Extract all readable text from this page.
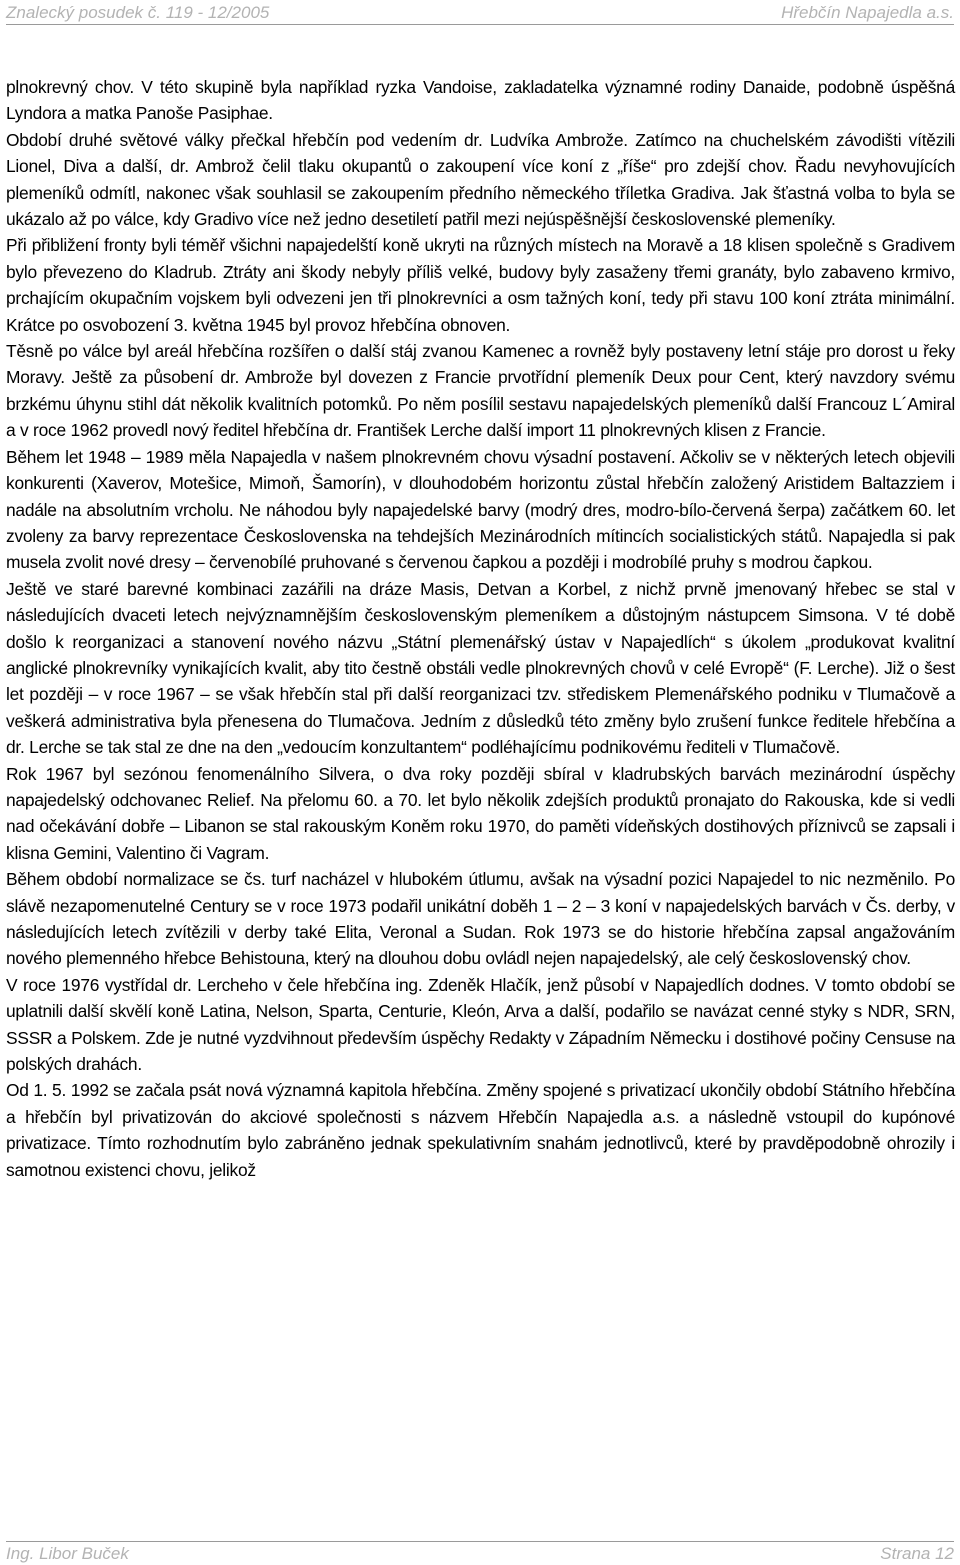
Znalecký posudek č. 119 - 12/2005	Hřebčín Napajedla a.s.

plnokrevný chov. V této skupině byla například ryzka Vandoise, zakladatelka významné rodiny Danaide, podobně úspěšná Lyndora a matka Panoše Pasiphae.

Období druhé světové války přečkal hřebčín pod vedením dr. Ludvíka Ambrože. Zatímco na chuchelském závodišti vítězili Lionel, Diva a další, dr. Ambrož čelil tlaku okupantů o zakoupení více koní z „říše“ pro zdejší chov. Řadu nevyhovujících plemeníků odmítl, nakonec však souhlasil se zakoupením předního německého tříletka Gradiva. Jak šťastná volba to byla se ukázalo až po válce, kdy Gradivo více než jedno desetiletí patřil mezi nejúspěšnější československé plemeníky.

Při přibližení fronty byli téměř všichni napajedelští koně ukryti na různých místech na Moravě a 18 klisen společně s Gradivem bylo převezeno do Kladrub. Ztráty ani škody nebyly příliš velké, budovy byly zasaženy třemi granáty, bylo zabaveno krmivo, prchajícím okupačním vojskem byli odvezeni jen tři plnokrevníci a osm tažných koní, tedy při stavu 100 koní ztráta minimální. Krátce po osvobození 3. května 1945 byl provoz hřebčína obnoven.

Těsně po válce byl areál hřebčína rozšířen o další stáj zvanou Kamenec a rovněž byly postaveny letní stáje pro dorost u řeky Moravy. Ještě za působení dr. Ambrože byl dovezen z Francie prvotřídní plemeník Deux pour Cent, který navzdory svému brzkému úhynu stihl dát několik kvalitních potomků. Po něm posílil sestavu napajedelských plemeníků další Francouz L´Amiral a v roce 1962 provedl nový ředitel hřebčína dr. František Lerche další import 11 plnokrevných klisen z Francie.

Během let 1948 – 1989 měla Napajedla v našem plnokrevném chovu výsadní postavení. Ačkoliv se v některých letech objevili konkurenti (Xaverov, Motešice, Mimoň, Šamorín), v dlouhodobém horizontu zůstal hřebčín založený Aristidem Baltazziem i nadále na absolutním vrcholu. Ne náhodou byly napajedelské barvy (modrý dres, modro-bílo-červená šerpa) začátkem 60. let zvoleny za barvy reprezentace Československa na tehdejších Mezinárodních mítincích socialistických států. Napajedla si pak musela zvolit nové dresy – červenobílé pruhované s červenou čapkou a později i modrobílé pruhy s modrou čapkou.

Ještě ve staré barevné kombinaci zazářili na dráze Masis, Detvan a Korbel, z nichž prvně jmenovaný hřebec se stal v následujících dvaceti letech nejvýznamnějším československým plemeníkem a důstojným nástupcem Simsona. V té době došlo k reorganizaci a stanovení nového názvu „Státní plemenářský ústav v Napajedlích“ s úkolem „produkovat kvalitní anglické plnokrevníky vynikajících kvalit, aby tito čestně obstáli vedle plnokrevných chovů v celé Evropě“ (F. Lerche). Již o šest let později – v roce 1967 – se však hřebčín stal při další reorganizaci tzv. střediskem Plemenářského podniku v Tlumačově a veškerá administrativa byla přenesena do Tlumačova. Jedním z důsledků této změny bylo zrušení funkce ředitele hřebčína a dr. Lerche se tak stal ze dne na den „vedoucím konzultantem“ podléhajícímu podnikovému řediteli v Tlumačově.

Rok 1967 byl sezónou fenomenálního Silvera, o dva roky později sbíral v kladrubských barvách mezinárodní úspěchy napajedelský odchovanec Relief. Na přelomu 60. a 70. let bylo několik zdejších produktů pronajato do Rakouska, kde si vedli nad očekávání dobře – Libanon se stal rakouským Koněm roku 1970, do paměti vídeňských dostihových příznivců se zapsali i klisna Gemini, Valentino či Vagram.

Během období normalizace se čs. turf nacházel v hlubokém útlumu, avšak na výsadní pozici Napajedel to nic nezměnilo. Po slávě nezapomenutelné Century se v roce 1973 podařil unikátní doběh 1 – 2 – 3 koní v napajedelských barvách v Čs. derby, v následujících letech zvítězili v derby také Elita, Veronal a Sudan. Rok 1973 se do historie hřebčína zapsal angažováním nového plemenného hřebce Behistouna, který na dlouhou dobu ovládl nejen napajedelský, ale celý československý chov.

V roce 1976 vystřídal dr. Lercheho v čele hřebčína ing. Zdeněk Hlačík, jenž působí v Napajedlích dodnes. V tomto období se uplatnili další skvělí koně Latina, Nelson, Sparta, Centurie, Kleón, Arva a další, podařilo se navázat cenné styky s NDR, SRN, SSSR a Polskem. Zde je nutné vyzdvihnout především úspěchy Redakty v Západním Německu i dostihové počiny Censuse na polských drahách.

Od 1. 5. 1992 se začala psát nová významná kapitola hřebčína. Změny spojené s privatizací ukončily období Státního hřebčína a hřebčín byl privatizován do akciové společnosti s názvem Hřebčín Napajedla a.s. a následně vstoupil do kupónové privatizace. Tímto rozhodnutím bylo zabráněno jednak spekulativním snahám jednotlivců, které by pravděpodobně ohrozily i samotnou existenci chovu, jelikož

Ing. Libor Buček	Strana 12
